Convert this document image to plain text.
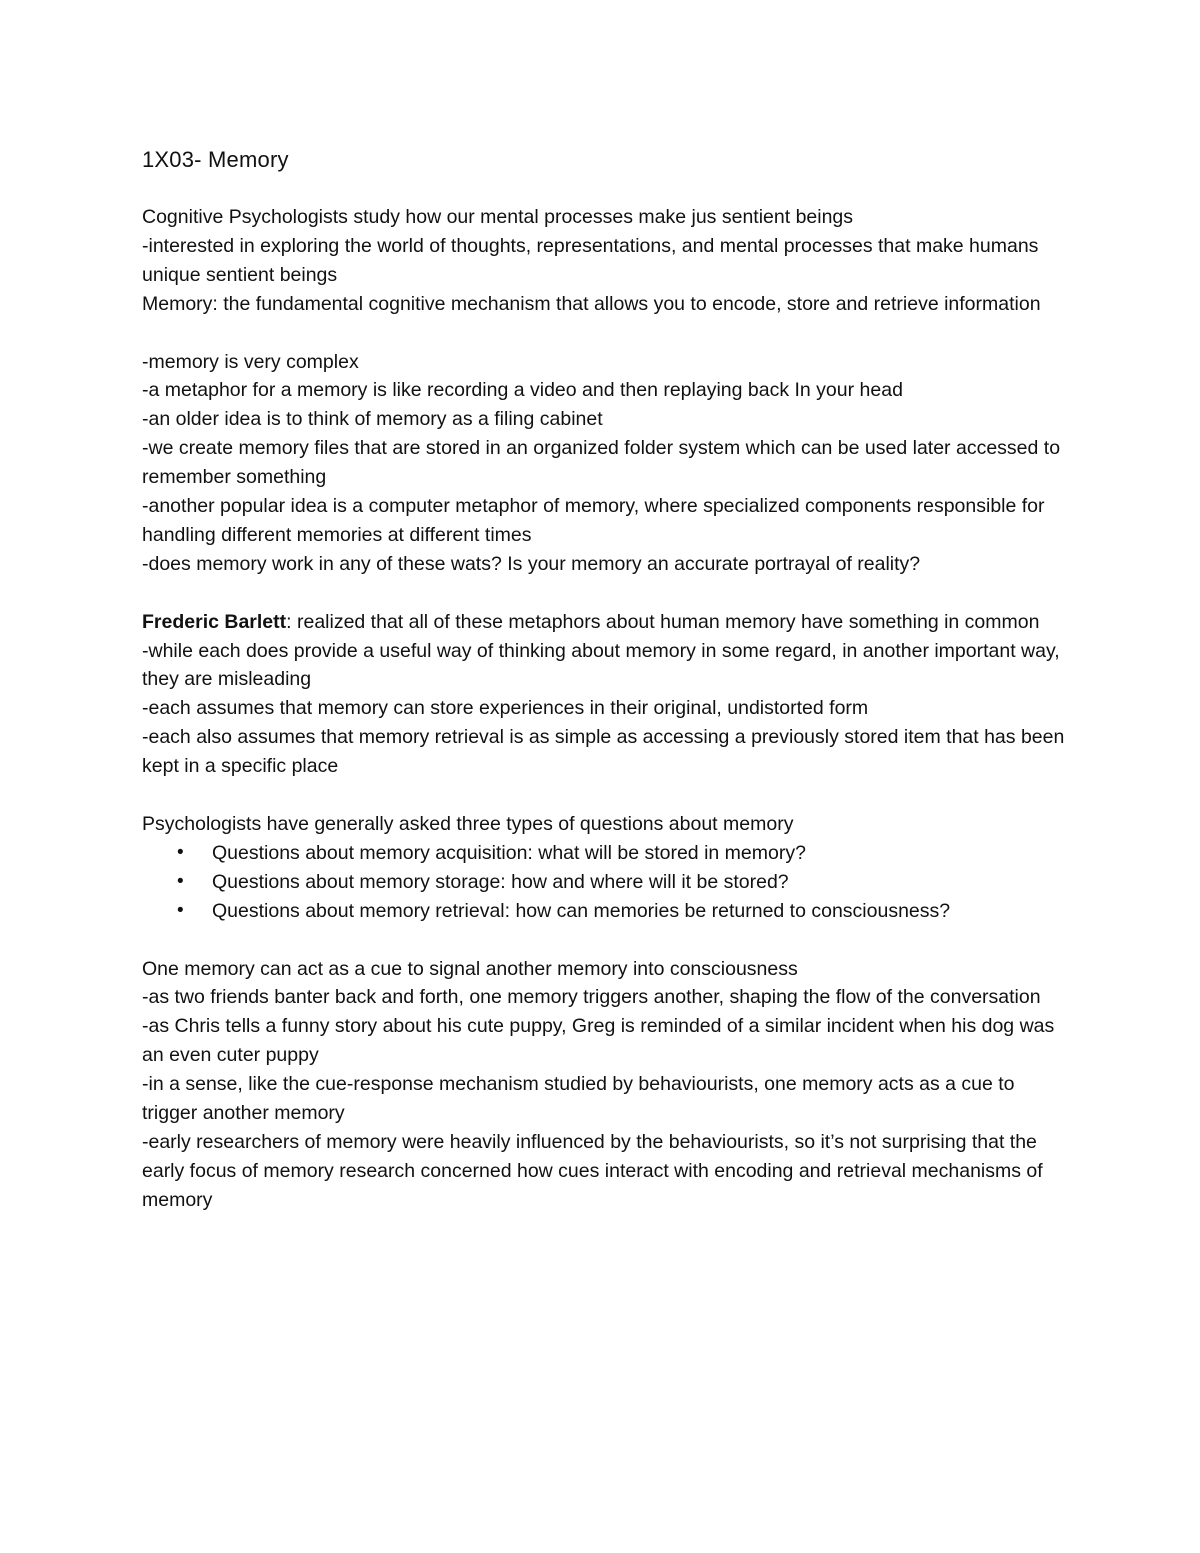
1X03- Memory
Cognitive Psychologists study how our mental processes make jus sentient beings
-interested in exploring the world of thoughts, representations, and mental processes that make humans unique sentient beings
Memory: the fundamental cognitive mechanism that allows you to encode, store and retrieve information
-memory is very complex
-a metaphor for a memory is like recording a video and then replaying back In your head
-an older idea is to think of memory as a filing cabinet
-we create memory files that are stored in an organized folder system which can be used later accessed to remember something
-another popular idea is a computer metaphor of memory, where specialized components responsible for handling different memories at different times
-does memory work in any of these wats? Is your memory an accurate portrayal of reality?
Frederic Barlett: realized that all of these metaphors about human memory have something in common
-while each does provide a useful way of thinking about memory in some regard, in another important way, they are misleading
-each assumes that memory can store experiences in their original, undistorted form
-each also assumes that memory retrieval is as simple as accessing a previously stored item that has been kept in a specific place
Psychologists have generally asked three types of questions about memory
• Questions about memory acquisition: what will be stored in memory?
• Questions about memory storage: how and where will it be stored?
• Questions about memory retrieval: how can memories be returned to consciousness?
One memory can act as a cue to signal another memory into consciousness
-as two friends banter back and forth, one memory triggers another, shaping the flow of the conversation
-as Chris tells a funny story about his cute puppy, Greg is reminded of a similar incident when his dog was an even cuter puppy
-in a sense, like the cue-response mechanism studied by behaviourists, one memory acts as a cue to trigger another memory
-early researchers of memory were heavily influenced by the behaviourists, so it’s not surprising that the early focus of memory research concerned how cues interact with encoding and retrieval mechanisms of memory
